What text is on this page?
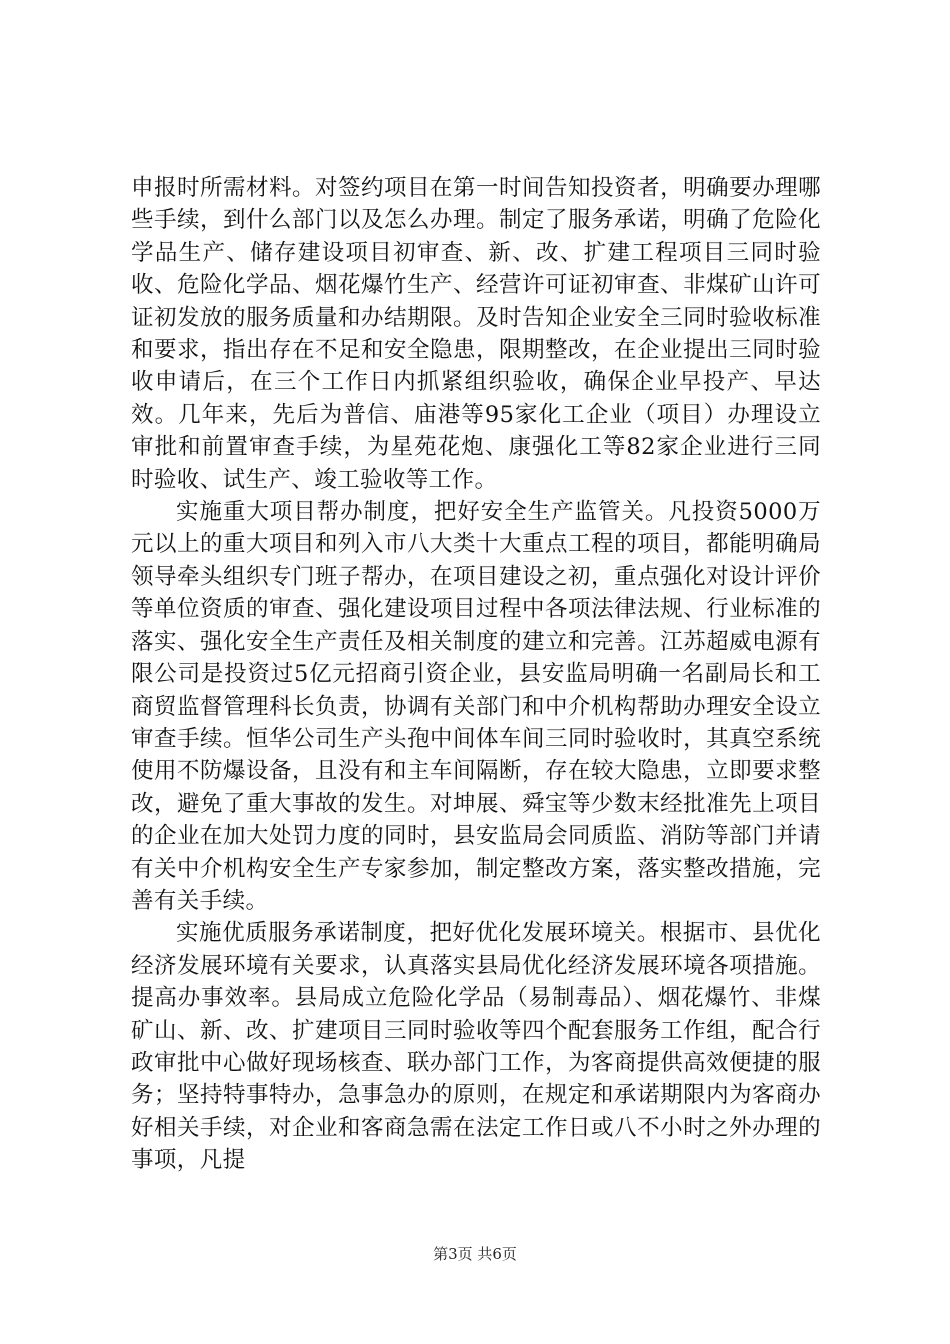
申报时所需材料。对签约项目在第一时间告知投资者，明确要办理哪些手续，到什么部门以及怎么办理。制定了服务承诺，明确了危险化学品生产、储存建设项目初审查、新、改、扩建工程项目三同时验收、危险化学品、烟花爆竹生产、经营许可证初审查、非煤矿山许可证初发放的服务质量和办结期限。及时告知企业安全三同时验收标准和要求，指出存在不足和安全隐患，限期整改，在企业提出三同时验收申请后，在三个工作日内抓紧组织验收，确保企业早投产、早达效。几年来，先后为普信、庙港等95家化工企业（项目）办理设立审批和前置审查手续，为星苑花炮、康强化工等82家企业进行三同时验收、试生产、竣工验收等工作。

实施重大项目帮办制度，把好安全生产监管关。凡投资5000万元以上的重大项目和列入市八大类十大重点工程的项目，都能明确局领导牵头组织专门班子帮办，在项目建设之初，重点强化对设计评价等单位资质的审查、强化建设项目过程中各项法律法规、行业标准的落实、强化安全生产责任及相关制度的建立和完善。江苏超威电源有限公司是投资过5亿元招商引资企业，县安监局明确一名副局长和工商贸监督管理科长负责，协调有关部门和中介机构帮助办理安全设立审查手续。恒华公司生产头孢中间体车间三同时验收时，其真空系统使用不防爆设备，且没有和主车间隔断，存在较大隐患，立即要求整改，避免了重大事故的发生。对坤展、舜宝等少数末经批准先上项目的企业在加大处罚力度的同时，县安监局会同质监、消防等部门并请有关中介机构安全生产专家参加，制定整改方案，落实整改措施，完善有关手续。

实施优质服务承诺制度，把好优化发展环境关。根据市、县优化经济发展环境有关要求，认真落实县局优化经济发展环境各项措施。提高办事效率。县局成立危险化学品（易制毒品）、烟花爆竹、非煤矿山、新、改、扩建项目三同时验收等四个配套服务工作组，配合行政审批中心做好现场核查、联办部门工作，为客商提供高效便捷的服务；坚持特事特办，急事急办的原则，在规定和承诺期限内为客商办好相关手续，对企业和客商急需在法定工作日或八不小时之外办理的事项，凡提

第3页 共6页
